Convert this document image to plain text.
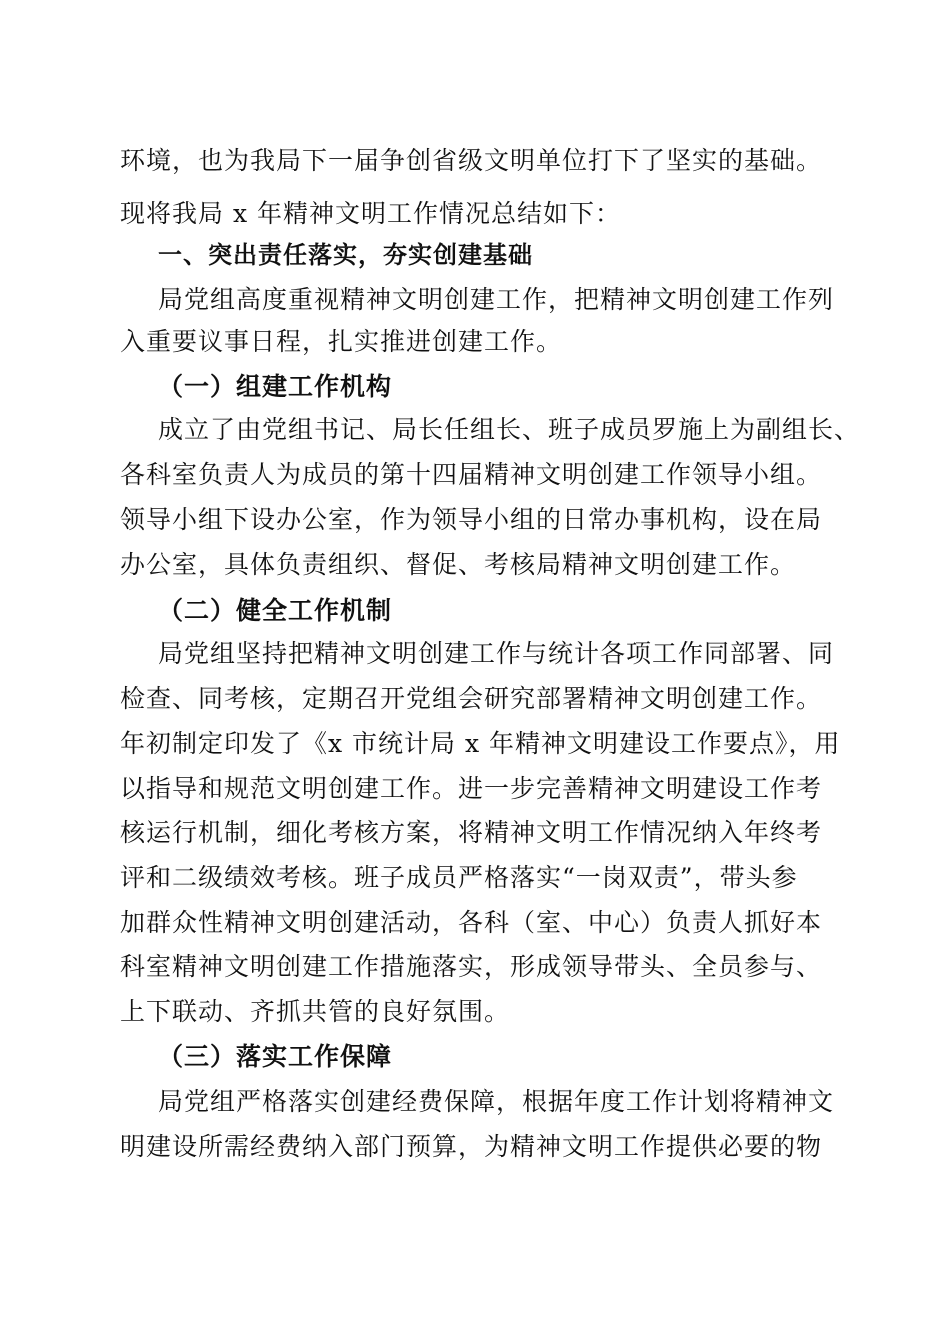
环境，也为我局下一届争创省级文明单位打下了坚实的基础。
现将我局 x 年精神文明工作情况总结如下：
一、突出责任落实，夯实创建基础
局党组高度重视精神文明创建工作，把精神文明创建工作列
入重要议事日程，扎实推进创建工作。
（一）组建工作机构
成立了由党组书记、局长任组长、班子成员罗施上为副组长、
各科室负责人为成员的第十四届精神文明创建工作领导小组。
领导小组下设办公室，作为领导小组的日常办事机构，设在局
办公室，具体负责组织、督促、考核局精神文明创建工作。
（二）健全工作机制
局党组坚持把精神文明创建工作与统计各项工作同部署、同
检查、同考核，定期召开党组会研究部署精神文明创建工作。
年初制定印发了《x 市统计局 x 年精神文明建设工作要点》，用
以指导和规范文明创建工作。进一步完善精神文明建设工作考
核运行机制，细化考核方案，将精神文明工作情况纳入年终考
评和二级绩效考核。班子成员严格落实“一岗双责”，带头参
加群众性精神文明创建活动，各科（室、中心）负责人抓好本
科室精神文明创建工作措施落实，形成领导带头、全员参与、
上下联动、齐抓共管的良好氛围。
（三）落实工作保障
局党组严格落实创建经费保障，根据年度工作计划将精神文
明建设所需经费纳入部门预算，为精神文明工作提供必要的物
